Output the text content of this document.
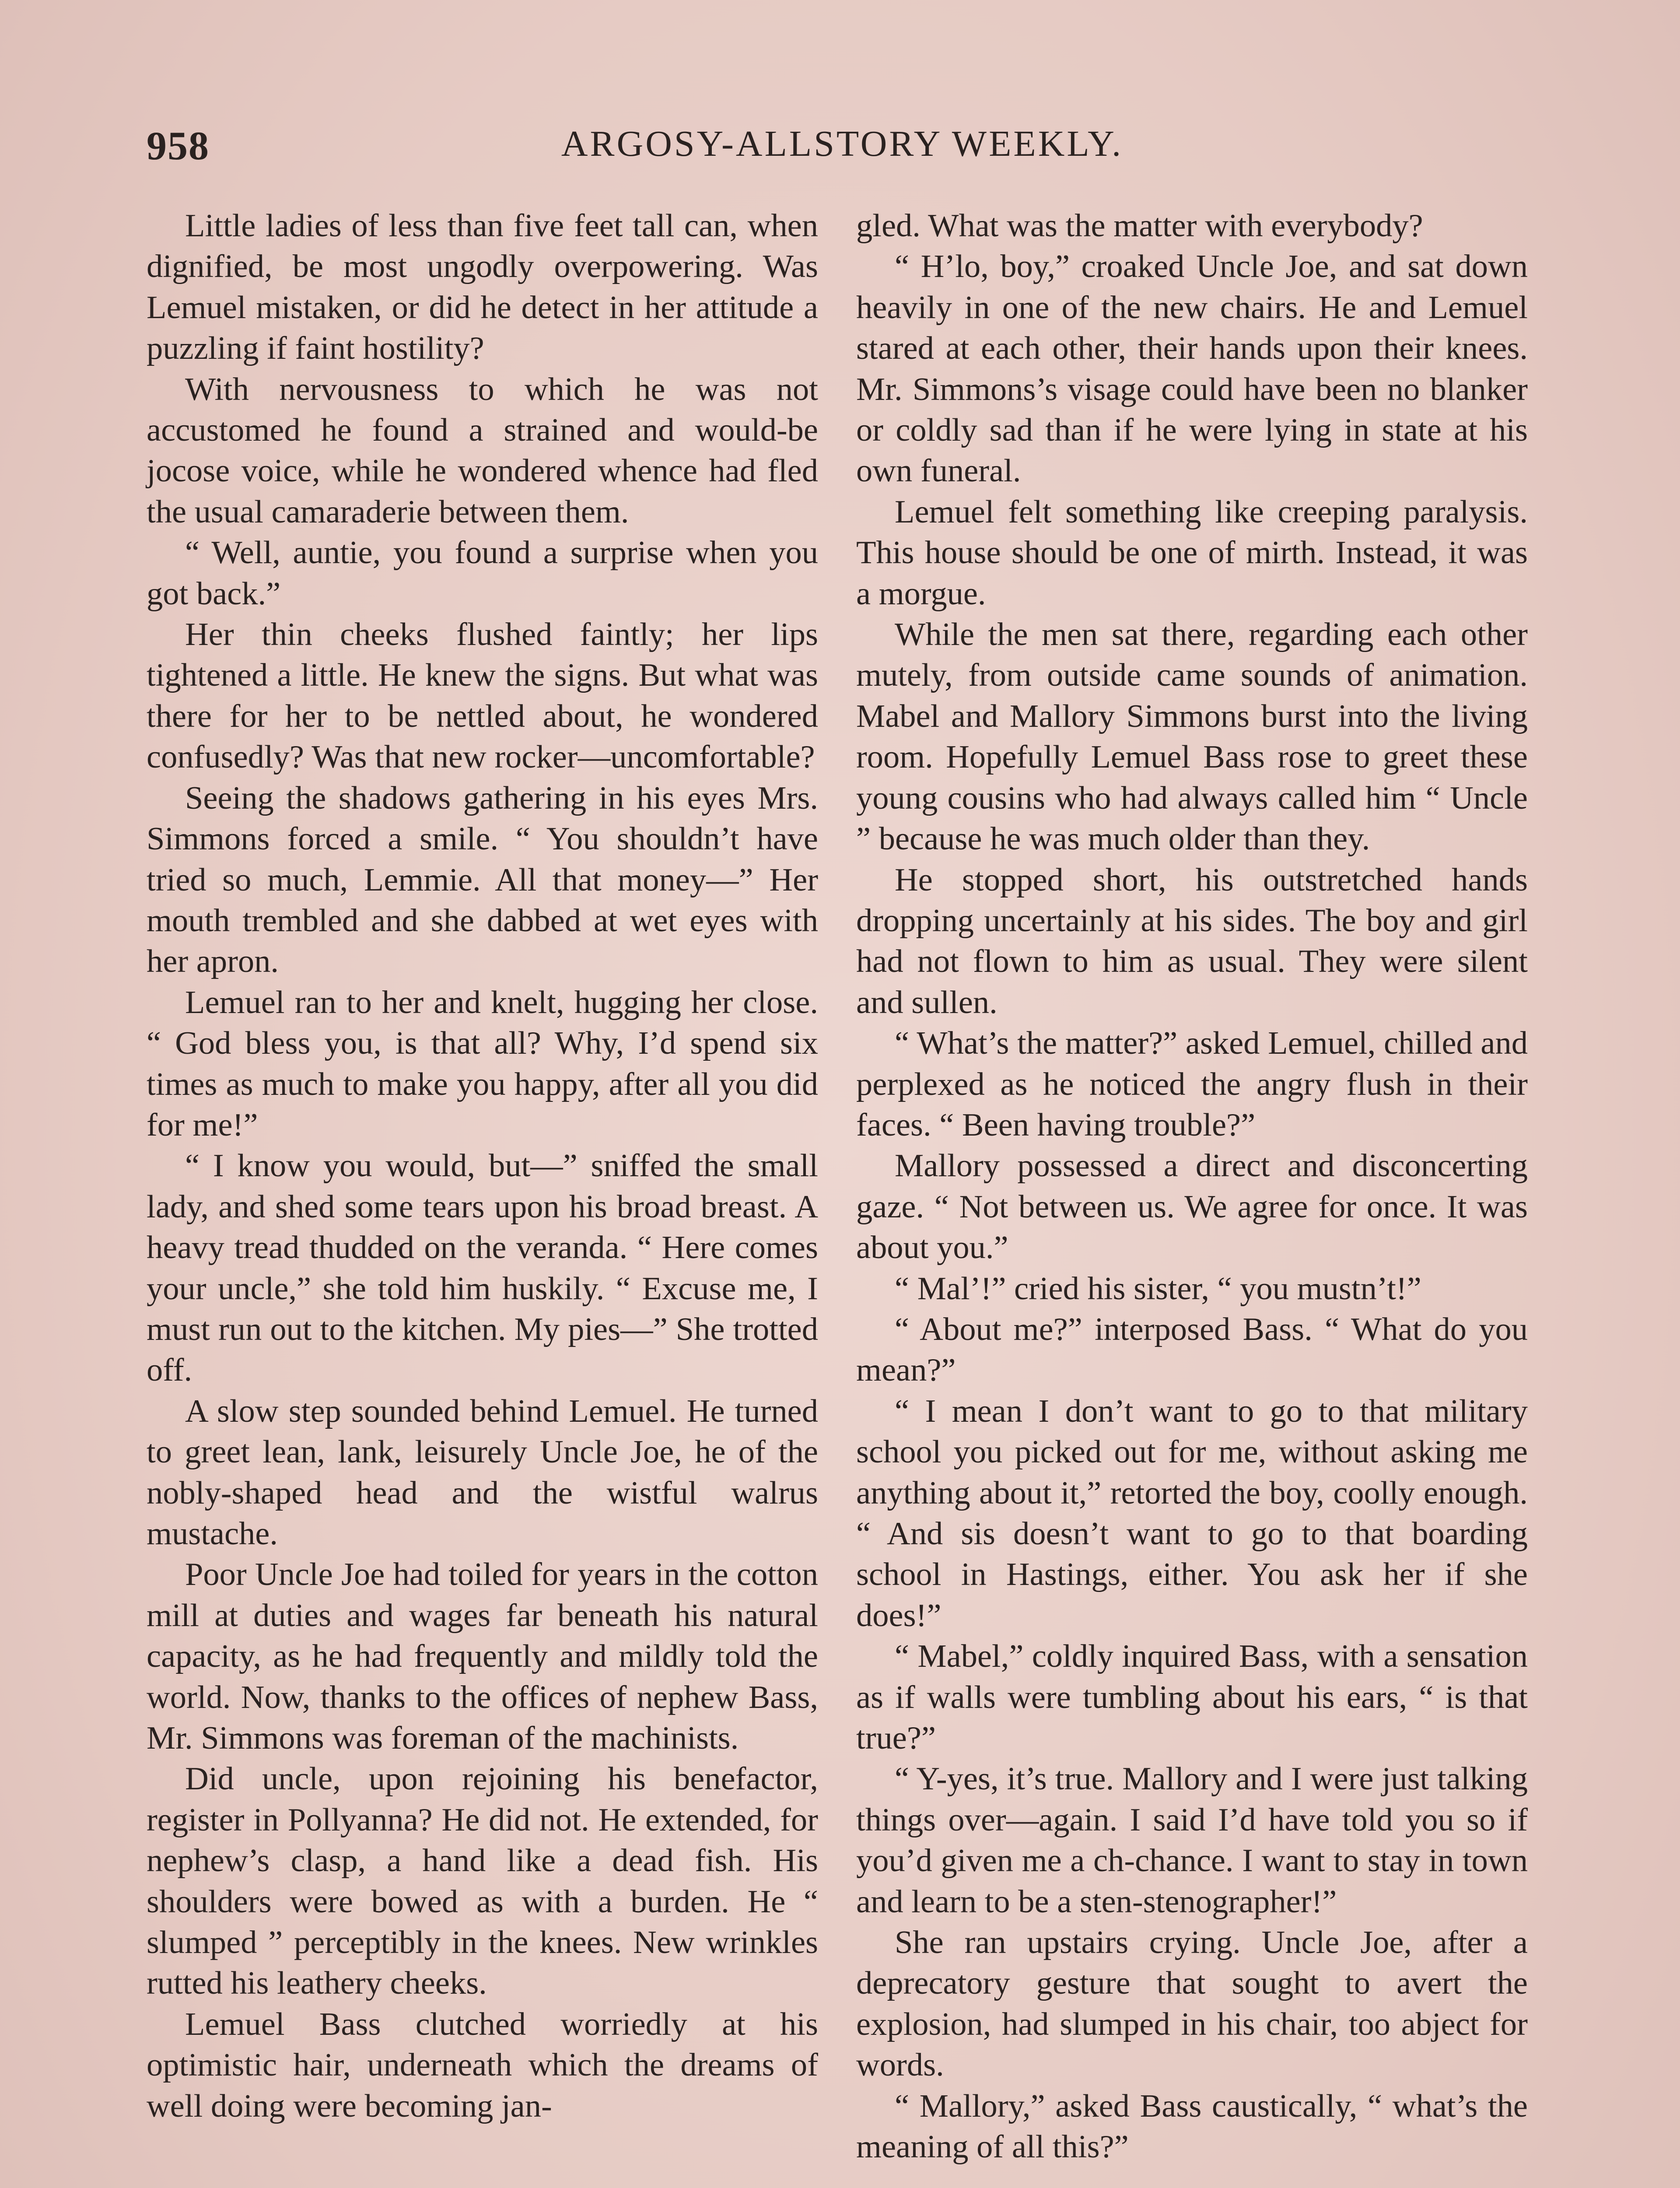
958	ARGOSY-ALLSTORY WEEKLY.

Little ladies of less than five feet tall can, when dignified, be most ungodly overpowering. Was Lemuel mistaken, or did he detect in her attitude a puzzling if faint hostility?

With nervousness to which he was not accustomed he found a strained and would-be jocose voice, while he wondered whence had fled the usual camaraderie between them.

“ Well, auntie, you found a surprise when you got back.”

Her thin cheeks flushed faintly; her lips tightened a little. He knew the signs. But what was there for her to be nettled about, he wondered confusedly? Was that new rocker—uncomfortable?

Seeing the shadows gathering in his eyes Mrs. Simmons forced a smile. “ You shouldn’t have tried so much, Lemmie. All that money—” Her mouth trembled and she dabbed at wet eyes with her apron.

Lemuel ran to her and knelt, hugging her close. “ God bless you, is that all? Why, I’d spend six times as much to make you happy, after all you did for me!”

“ I know you would, but—” sniffed the small lady, and shed some tears upon his broad breast. A heavy tread thudded on the veranda. “ Here comes your uncle,” she told him huskily. “ Excuse me, I must run out to the kitchen. My pies—” She trotted off.

A slow step sounded behind Lemuel. He turned to greet lean, lank, leisurely Uncle Joe, he of the nobly-shaped head and the wistful walrus mustache.

Poor Uncle Joe had toiled for years in the cotton mill at duties and wages far beneath his natural capacity, as he had frequently and mildly told the world. Now, thanks to the offices of nephew Bass, Mr. Simmons was foreman of the machinists.

Did uncle, upon rejoining his benefactor, register in Pollyanna? He did not. He extended, for nephew’s clasp, a hand like a dead fish. His shoulders were bowed as with a burden. He “ slumped ” perceptibly in the knees. New wrinkles rutted his leathery cheeks.

Lemuel Bass clutched worriedly at his optimistic hair, underneath which the dreams of well doing were becoming jan-

gled. What was the matter with everybody?

“ H’lo, boy,” croaked Uncle Joe, and sat down heavily in one of the new chairs. He and Lemuel stared at each other, their hands upon their knees. Mr. Simmons’s visage could have been no blanker or coldly sad than if he were lying in state at his own funeral.

Lemuel felt something like creeping paralysis. This house should be one of mirth. Instead, it was a morgue.

While the men sat there, regarding each other mutely, from outside came sounds of animation. Mabel and Mallory Simmons burst into the living room. Hopefully Lemuel Bass rose to greet these young cousins who had always called him “ Uncle ” because he was much older than they.

He stopped short, his outstretched hands dropping uncertainly at his sides. The boy and girl had not flown to him as usual. They were silent and sullen.

“ What’s the matter?” asked Lemuel, chilled and perplexed as he noticed the angry flush in their faces. “ Been having trouble?”

Mallory possessed a direct and disconcerting gaze. “ Not between us. We agree for once. It was about you.”

“ Mal’!” cried his sister, “ you mustn’t!”

“ About me?” interposed Bass. “ What do you mean?”

“ I mean I don’t want to go to that military school you picked out for me, without asking me anything about it,” retorted the boy, coolly enough. “ And sis doesn’t want to go to that boarding school in Hastings, either. You ask her if she does!”

“ Mabel,” coldly inquired Bass, with a sensation as if walls were tumbling about his ears, “ is that true?”

“ Y-yes, it’s true. Mallory and I were just talking things over—again. I said I’d have told you so if you’d given me a ch-chance. I want to stay in town and learn to be a sten-stenographer!”

She ran upstairs crying. Uncle Joe, after a deprecatory gesture that sought to avert the explosion, had slumped in his chair, too abject for words.

“ Mallory,” asked Bass caustically, “ what’s the meaning of all this?”
